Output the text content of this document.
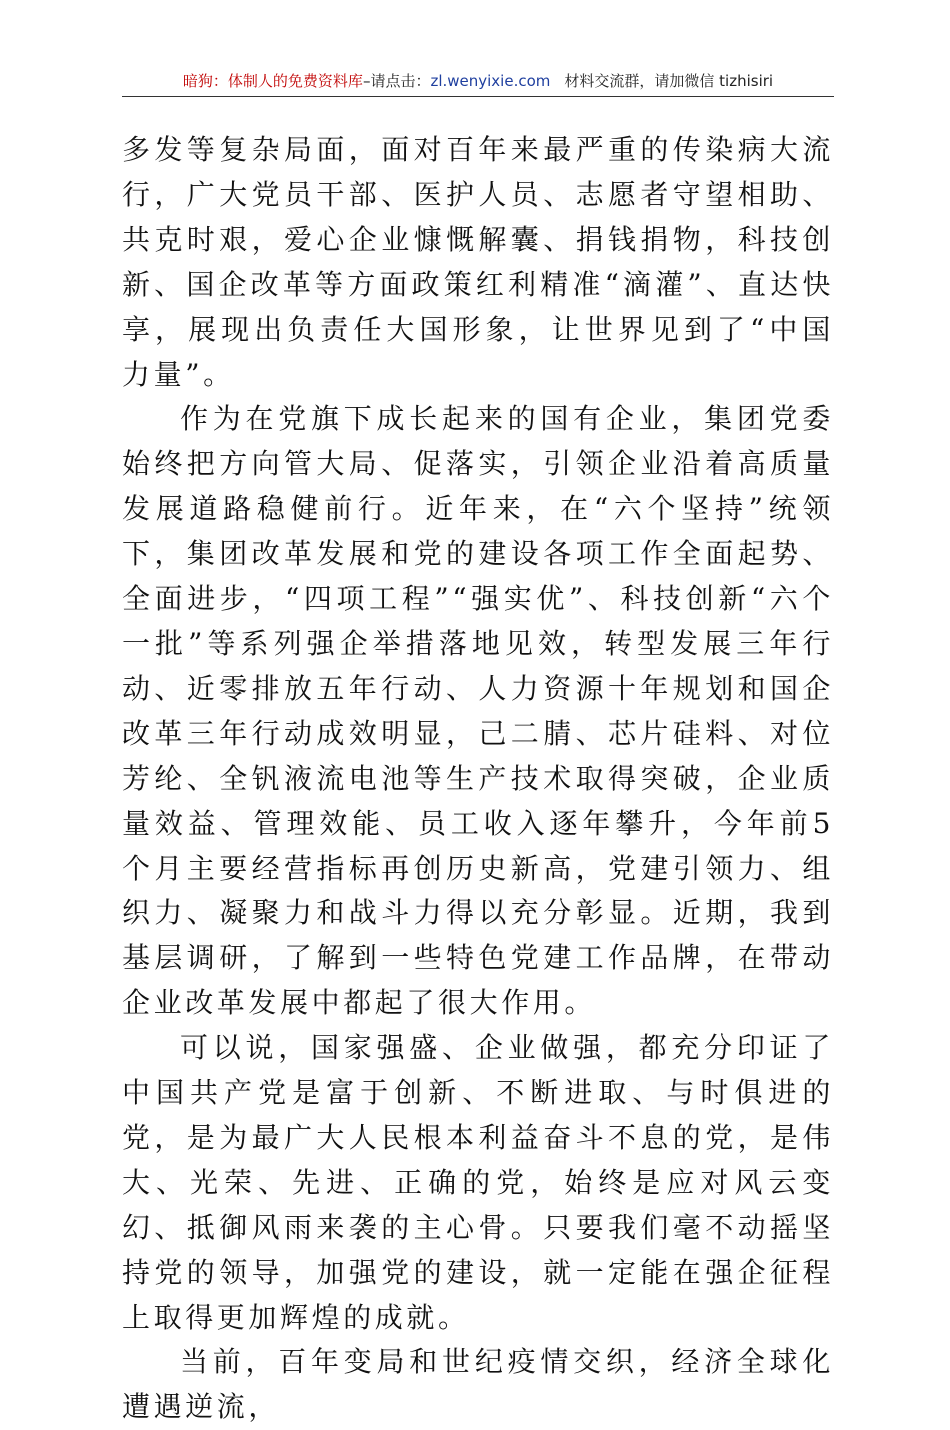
暗狗：体制人的免费资料库–请点击：zl.wenyixie.com 材料交流群，请加微信 tizhisiri

多发等复杂局面，面对百年来最严重的传染病大流行，广大党员干部、医护人员、志愿者守望相助、共克时艰，爱心企业慷慨解囊、捐钱捐物，科技创新、国企改革等方面政策红利精准“滴灌”、直达快享，展现出负责任大国形象，让世界见到了“中国力量”。

作为在党旗下成长起来的国有企业，集团党委始终把方向管大局、促落实，引领企业沿着高质量发展道路稳健前行。近年来，在“六个坚持”统领下，集团改革发展和党的建设各项工作全面起势、全面进步，“四项工程”“强实优”、科技创新“六个一批”等系列强企举措落地见效，转型发展三年行动、近零排放五年行动、人力资源十年规划和国企改革三年行动成效明显，己二腈、芯片硅料、对位芳纶、全钒液流电池等生产技术取得突破，企业质量效益、管理效能、员工收入逐年攀升，今年前5个月主要经营指标再创历史新高，党建引领力、组织力、凝聚力和战斗力得以充分彰显。近期，我到基层调研，了解到一些特色党建工作品牌，在带动企业改革发展中都起了很大作用。

可以说，国家强盛、企业做强，都充分印证了中国共产党是富于创新、不断进取、与时俱进的党，是为最广大人民根本利益奋斗不息的党，是伟大、光荣、先进、正确的党，始终是应对风云变幻、抵御风雨来袭的主心骨。只要我们毫不动摇坚持党的领导，加强党的建设，就一定能在强企征程上取得更加辉煌的成就。

当前，百年变局和世纪疫情交织，经济全球化遭遇逆流，
